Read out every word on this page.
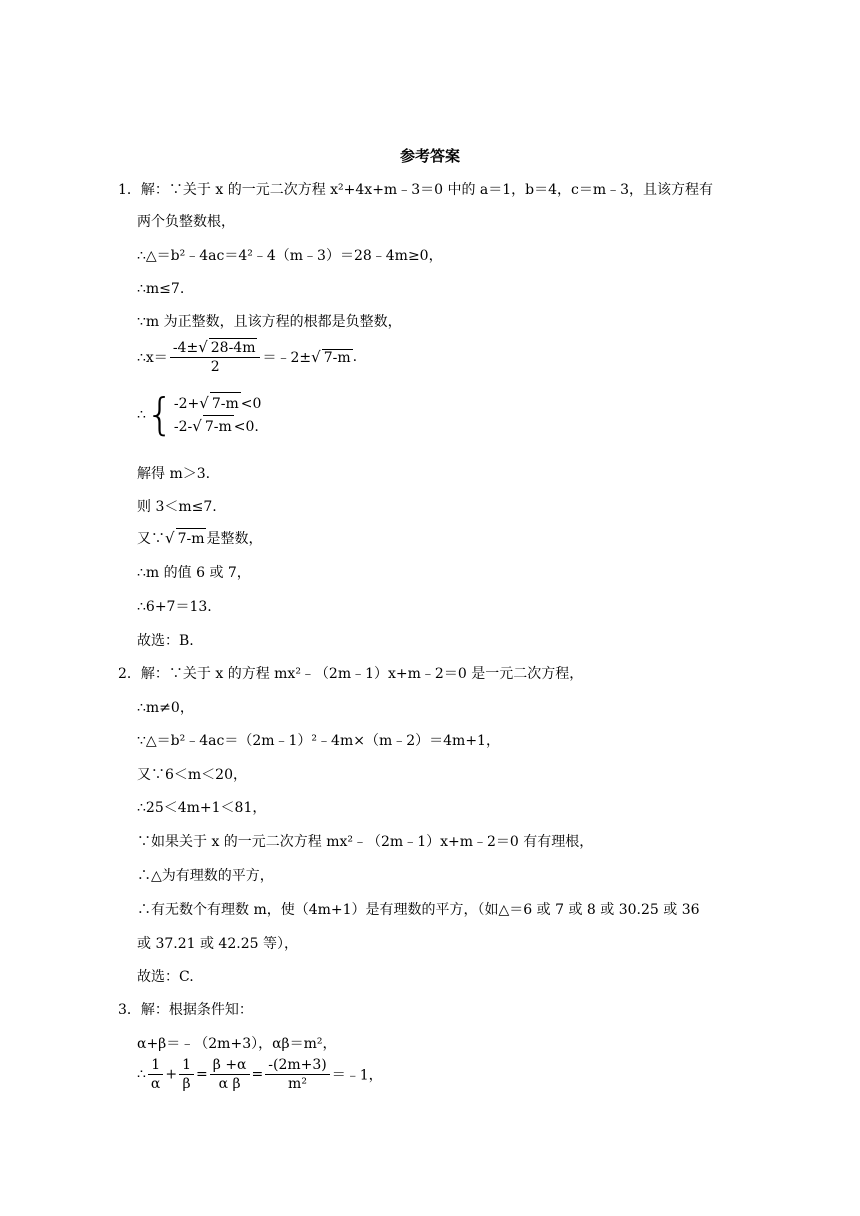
参考答案
1．解：∵关于 x 的一元二次方程 x²+4x+m﹣3＝0 中的 a＝1，b＝4，c＝m﹣3，且该方程有
两个负整数根，
∴△＝b²﹣4ac＝4²﹣4（m﹣3）＝28﹣4m≥0，
∴m≤7.
∵m 为正整数，且该方程的根都是负整数，
∴x＝ $\frac{-4\pm√ 28-4m}{2}$ ＝﹣2±√ 7-m .
∴ { -2+√ 7-m <0
-2-√ 7-m <0.
解得 m＞3.
则 3＜m≤7.
又∵√ 7-m 是整数，
∴m 的值 6 或 7，
∴6+7＝13.
故选：B.
2．解：∵关于 x 的方程 mx²﹣（2m﹣1）x+m﹣2＝0 是一元二次方程，
∴m≠0，
∵△＝b²﹣4ac＝（2m﹣1）²﹣4m×（m﹣2）＝4m+1，
又∵6＜m＜20，
∴25＜4m+1＜81，
∵如果关于 x 的一元二次方程 mx²﹣（2m﹣1）x+m﹣2＝0 有有理根，
∴△为有理数的平方，
∴有无数个有理数 m，使（4m+1）是有理数的平方，（如△＝6 或 7 或 8 或 30.25 或 36
或 37.21 或 42.25 等），
故选：C.
3．解：根据条件知：
α+β＝﹣（2m+3），αβ＝m²，
∴ $\frac{1}{\alpha} + \frac{1}{\beta} = \frac{\beta +\alpha}{\text{α β}} = \frac{-(2m+3)}{\text{m²}}$ ＝﹣1，
